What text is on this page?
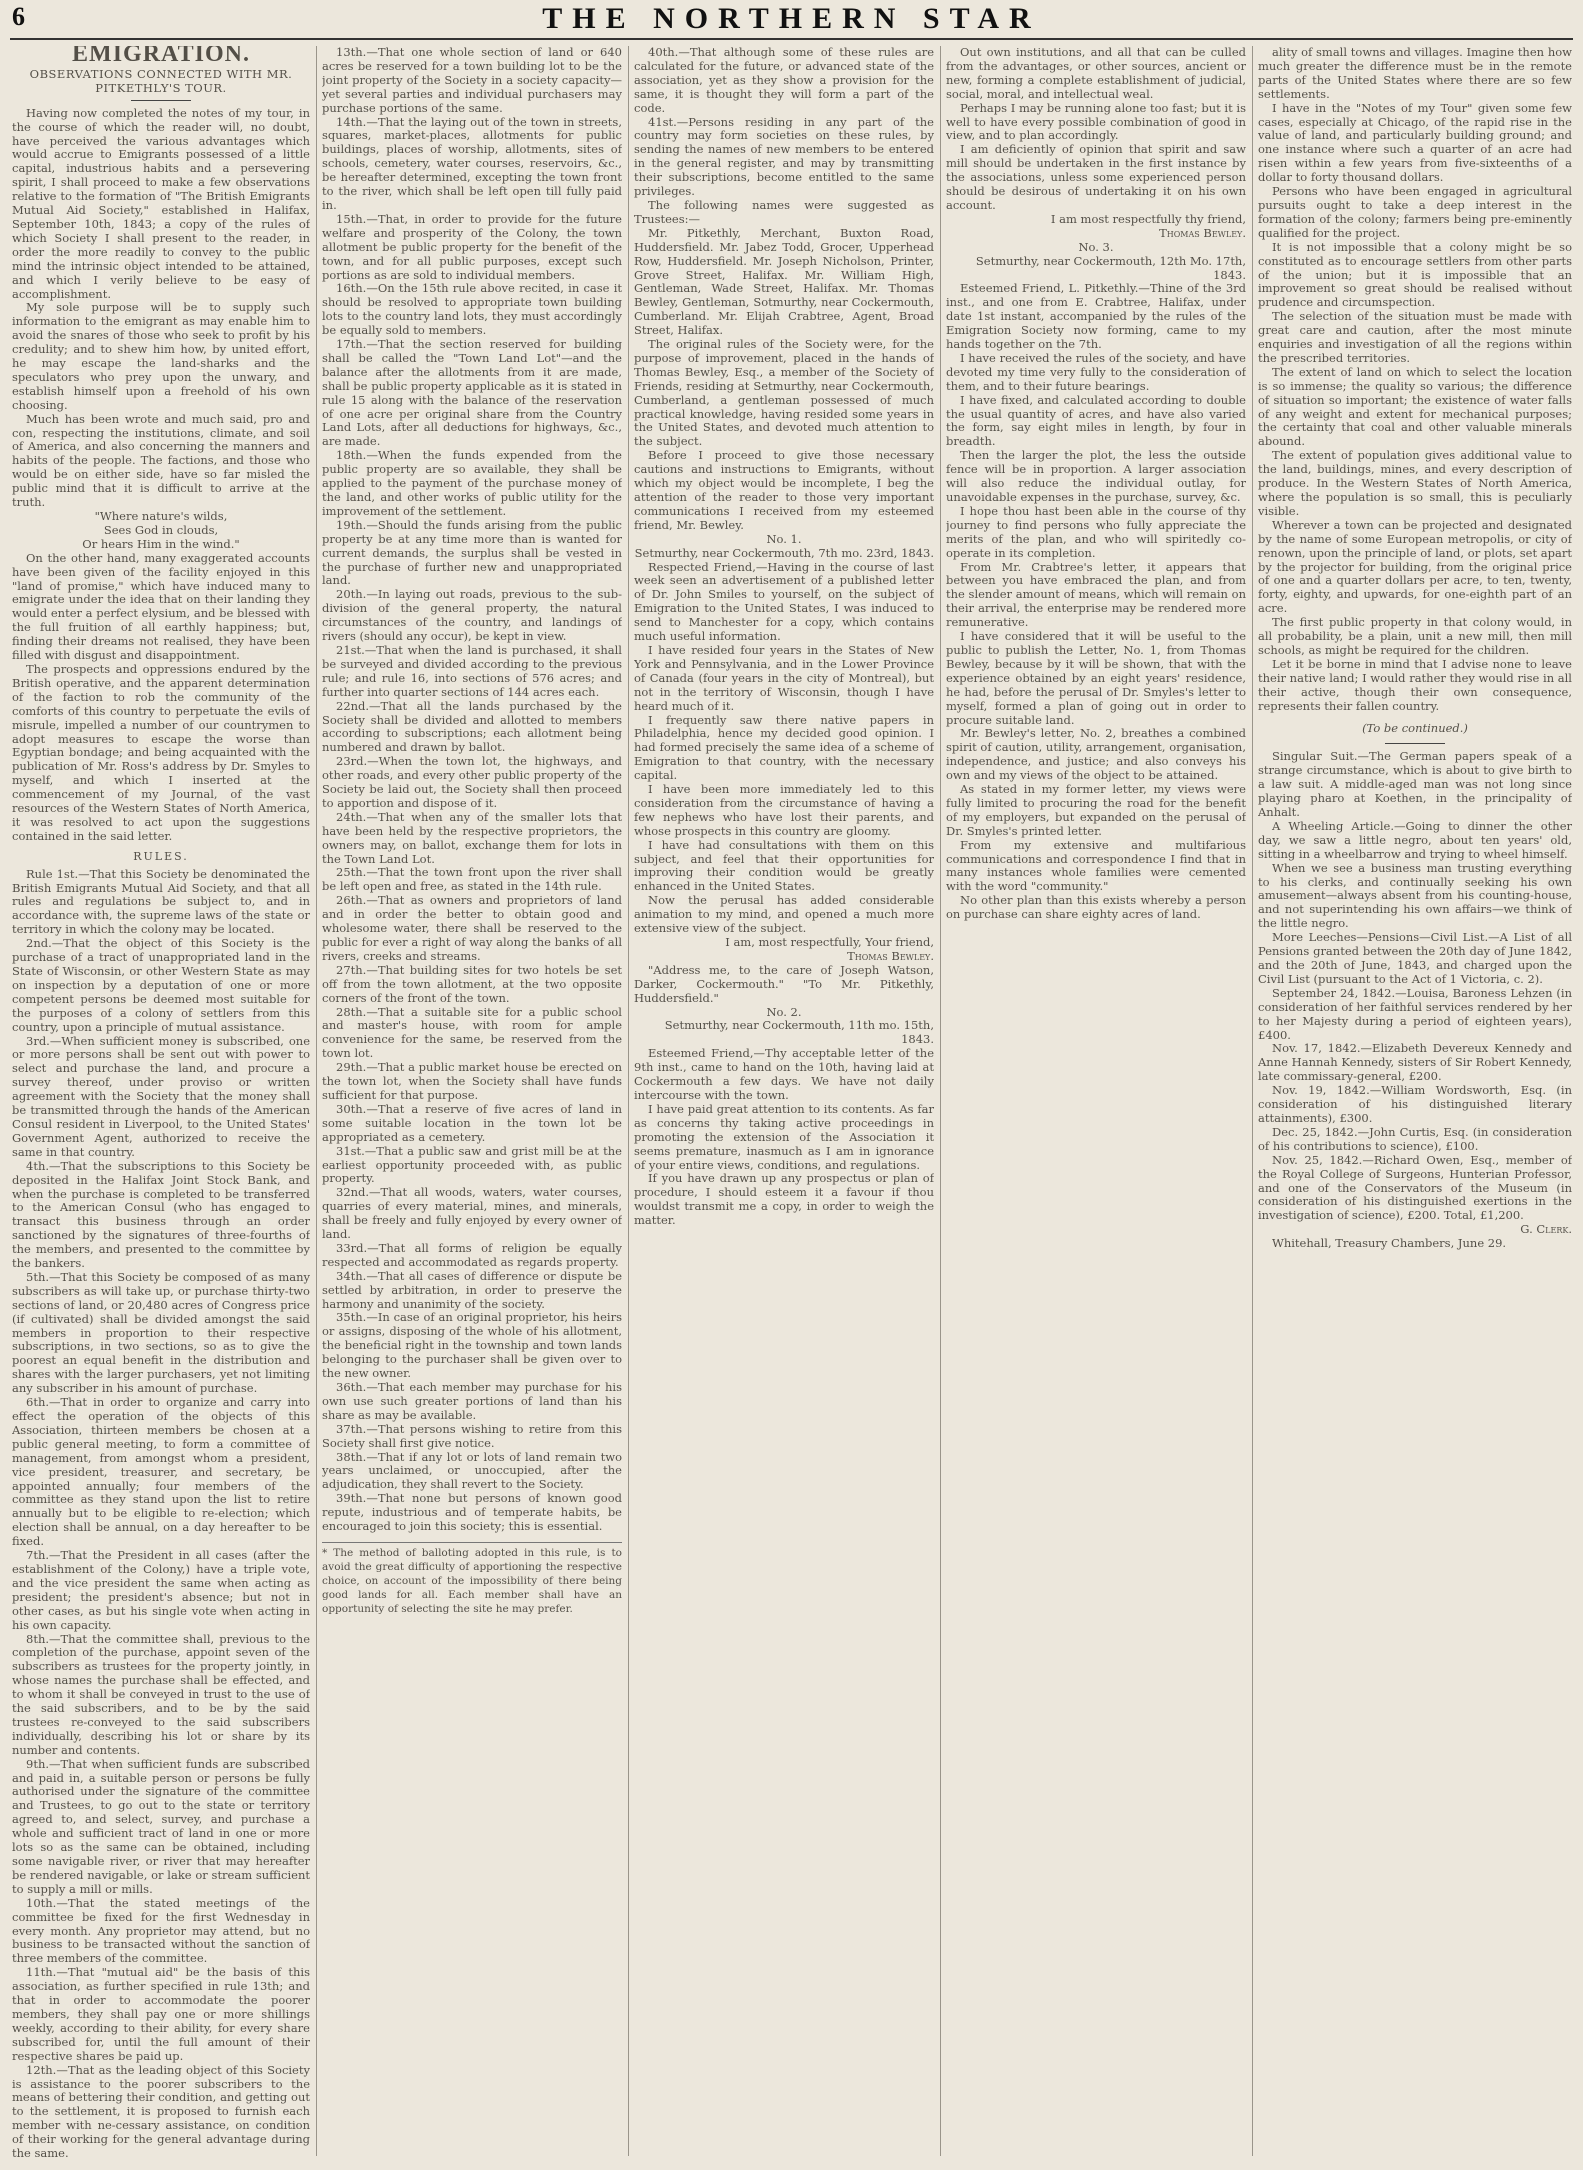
6	THE NORTHERN STAR
EMIGRATION.
OBSERVATIONS CONNECTED WITH MR. PITKETHLY'S TOUR.

Having now completed the notes of my tour, in the course of which the reader will, no doubt, have perceived the various advantages which would accrue to Emigrants possessed of a little capital, industrious habits and a persevering spirit, I shall proceed to make a few observations relative to the formation of "The British Emigrants Mutual Aid Society," established in Halifax, September 10th, 1843; a copy of the rules of which Society I shall present to the reader, in order the more readily to convey to the public mind the intrinsic object intended to be attained, and which I verily believe to be easy of accomplishment.

My sole purpose will be to supply such information to the emigrant as may enable him to avoid the snares of those who seek to profit by his credulity; and to shew him how, by united effort, he may escape the land-sharks and the speculators who prey upon the unwary, and establish himself upon a freehold of his own choosing.

Much has been wrote and much said, pro and con, respecting the institutions, climate, and soil of America, and also concerning the manners and habits of the people. The factions, and those who would be on either side, have so far misled the public mind that it is difficult to arrive at the truth.

"Where nature's wilds,

Sees God in clouds,

Or hears Him in the wind."

On the other hand, many exaggerated accounts have been given of the facility enjoyed in this "land of promise," which have induced many to emigrate under the idea that on their landing they would enter a perfect elysium, and be blessed with the full fruition of all earthly happiness; but, finding their dreams not realised, they have been filled with disgust and disappointment.

The prospects and oppressions endured by the British operative, and the apparent determination of the faction to rob the community of the comforts of this country to perpetuate the evils of misrule, impelled a number of our countrymen to adopt measures to escape the worse than Egyptian bondage; and being acquainted with the publication of Mr. Ross's address by Dr. Smyles to myself, and which I inserted at the commencement of my Journal, of the vast resources of the Western States of North America, it was resolved to act upon the suggestions contained in the said letter.

RULES.

Rule 1st.—That this Society be denominated the British Emigrants Mutual Aid Society, and that all rules and regulations be subject to, and in accordance with, the supreme laws of the state or territory in which the colony may be located.

2nd.—That the object of this Society is the purchase of a tract of unappropriated land in the State of Wisconsin, or other Western State as may on inspection by a deputation of one or more competent persons be deemed most suitable for the purposes of a colony of settlers from this country, upon a principle of mutual assistance.

3rd.—When sufficient money is subscribed, one or more persons shall be sent out with power to select and purchase the land, and procure a survey thereof, under proviso or written agreement with the Society that the money shall be transmitted through the hands of the American Consul resident in Liverpool, to the United States' Government Agent, authorized to receive the same in that country.

4th.—That the subscriptions to this Society be deposited in the Halifax Joint Stock Bank, and when the purchase is completed to be transferred to the American Consul (who has engaged to transact this business through an order sanctioned by the signatures of three-fourths of the members, and presented to the committee by the bankers.

5th.—That this Society be composed of as many subscribers as will take up, or purchase thirty-two sections of land, or 20,480 acres of Congress price (if cultivated) shall be divided amongst the said members in proportion to their respective subscriptions, in two sections, so as to give the poorest an equal benefit in the distribution and shares with the larger purchasers, yet not limiting any subscriber in his amount of purchase.

6th.—That in order to organize and carry into effect the operation of the objects of this Association, thirteen members be chosen at a public general meeting, to form a committee of management, from amongst whom a president, vice president, treasurer, and secretary, be appointed annually; four members of the committee as they stand upon the list to retire annually but to be eligible to re-election; which election shall be annual, on a day hereafter to be fixed.

7th.—That the President in all cases (after the establishment of the Colony,) have a triple vote, and the vice president the same when acting as president; the president's absence; but not in other cases, as but his single vote when acting in his own capacity.

8th.—That the committee shall, previous to the completion of the purchase, appoint seven of the subscribers as trustees for the property jointly, in whose names the purchase shall be effected, and to whom it shall be conveyed in trust to the use of the said subscribers, and to be by the said trustees re-conveyed to the said subscribers individually, describing his lot or share by its number and contents.

9th.—That when sufficient funds are subscribed and paid in, a suitable person or persons be fully authorised under the signature of the committee and Trustees, to go out to the state or territory agreed to, and select, survey, and purchase a whole and sufficient tract of land in one or more lots so as the same can be obtained, including some navigable river, or river that may hereafter be rendered navigable, or lake or stream sufficient to supply a mill or mills.

10th.—That the stated meetings of the committee be fixed for the first Wednesday in every month. Any proprietor may attend, but no business to be transacted without the sanction of three members of the committee.

11th.—That "mutual aid" be the basis of this association, as further specified in rule 13th; and that in order to accommodate the poorer members, they shall pay one or more shillings weekly, according to their ability, for every share subscribed for, until the full amount of their respective shares be paid up.

12th.—That as the leading object of this Society is assistance to the poorer subscribers to the means of bettering their condition, and getting out to the settlement, it is proposed to furnish each member with ne-cessary assistance, on condition of their working for the general advantage during the same.

13th.—That one whole section of land or 640 acres be reserved for a town building lot to be the joint property of the Society in a society capacity—yet several parties and individual purchasers may purchase portions of the same.

14th.—That the laying out of the town in streets, squares, market-places, allotments for public buildings, places of worship, allotments, sites of schools, cemetery, water courses, reservoirs, &c., be hereafter determined, excepting the town front to the river, which shall be left open till fully paid in.

15th.—That, in order to provide for the future welfare and prosperity of the Colony, the town allotment be public property for the benefit of the town, and for all public purposes, except such portions as are sold to individual members.

16th.—On the 15th rule above recited, in case it should be resolved to appropriate town building lots to the country land lots, they must accordingly be equally sold to members.

17th.—That the section reserved for building shall be called the "Town Land Lot"—and the balance after the allotments from it are made, shall be public property applicable as it is stated in rule 15 along with the balance of the reservation of one acre per original share from the Country Land Lots, after all deductions for highways, &c., are made.

18th.—When the funds expended from the public property are so available, they shall be applied to the payment of the purchase money of the land, and other works of public utility for the improvement of the settlement.

19th.—Should the funds arising from the public property be at any time more than is wanted for current demands, the surplus shall be vested in the purchase of further new and unappropriated land.

20th.—In laying out roads, previous to the sub-division of the general property, the natural circumstances of the country, and landings of rivers (should any occur), be kept in view.

21st.—That when the land is purchased, it shall be surveyed and divided according to the previous rule; and rule 16, into sections of 576 acres; and further into quarter sections of 144 acres each.

22nd.—That all the lands purchased by the Society shall be divided and allotted to members according to subscriptions; each allotment being numbered and drawn by ballot.

23rd.—When the town lot, the highways, and other roads, and every other public property of the Society be laid out, the Society shall then proceed to apportion and dispose of it.

24th.—That when any of the smaller lots that have been held by the respective proprietors, the owners may, on ballot, exchange them for lots in the Town Land Lot.

25th.—That the town front upon the river shall be left open and free, as stated in the 14th rule.

26th.—That as owners and proprietors of land and in order the better to obtain good and wholesome water, there shall be reserved to the public for ever a right of way along the banks of all rivers, creeks and streams.

27th.—That building sites for two hotels be set off from the town allotment, at the two opposite corners of the front of the town.

28th.—That a suitable site for a public school and master's house, with room for ample convenience for the same, be reserved from the town lot.

29th.—That a public market house be erected on the town lot, when the Society shall have funds sufficient for that purpose.

30th.—That a reserve of five acres of land in some suitable location in the town lot be appropriated as a cemetery.

31st.—That a public saw and grist mill be at the earliest opportunity proceeded with, as public property.

32nd.—That all woods, waters, water courses, quarries of every material, mines, and minerals, shall be freely and fully enjoyed by every owner of land.

33rd.—That all forms of religion be equally respected and accommodated as regards property.

34th.—That all cases of difference or dispute be settled by arbitration, in order to preserve the harmony and unanimity of the society.

35th.—In case of an original proprietor, his heirs or assigns, disposing of the whole of his allotment, the beneficial right in the township and town lands belonging to the purchaser shall be given over to the new owner.

36th.—That each member may purchase for his own use such greater portions of land than his share as may be available.

37th.—That persons wishing to retire from this Society shall first give notice.

38th.—That if any lot or lots of land remain two years unclaimed, or unoccupied, after the adjudication, they shall revert to the Society.

39th.—That none but persons of known good repute, industrious and of temperate habits, be encouraged to join this society; this is essential.

* The method of balloting adopted in this rule, is to avoid the great difficulty of apportioning the respective choice, on account of the impossibility of there being good lands for all. Each member shall have an opportunity of selecting the site he may prefer.

40th.—That although some of these rules are calculated for the future, or advanced state of the association, yet as they show a provision for the same, it is thought they will form a part of the code.

41st.—Persons residing in any part of the country may form societies on these rules, by sending the names of new members to be entered in the general register, and may by transmitting their subscriptions, become entitled to the same privileges.

The following names were suggested as Trustees:—

Mr. Pitkethly, Merchant, Buxton Road, Huddersfield. Mr. Jabez Todd, Grocer, Upperhead Row, Huddersfield. Mr. Joseph Nicholson, Printer, Grove Street, Halifax. Mr. William High, Gentleman, Wade Street, Halifax. Mr. Thomas Bewley, Gentleman, Sotmurthy, near Cockermouth, Cumberland. Mr. Elijah Crabtree, Agent, Broad Street, Halifax.

The original rules of the Society were, for the purpose of improvement, placed in the hands of Thomas Bewley, Esq., a member of the Society of Friends, residing at Setmurthy, near Cockermouth, Cumberland, a gentleman possessed of much practical knowledge, having resided some years in the United States, and devoted much attention to the subject.

Before I proceed to give those necessary cautions and instructions to Emigrants, without which my object would be incomplete, I beg the attention of the reader to those very important communications I received from my esteemed friend, Mr. Bewley.

No. 1.

Setmurthy, near Cockermouth, 7th mo. 23rd, 1843.

Respected Friend,—Having in the course of last week seen an advertisement of a published letter of Dr. John Smiles to yourself, on the subject of Emigration to the United States, I was induced to send to Manchester for a copy, which contains much useful information.

I have resided four years in the States of New York and Pennsylvania, and in the Lower Province of Canada (four years in the city of Montreal), but not in the territory of Wisconsin, though I have heard much of it.

I frequently saw there native papers in Philadelphia, hence my decided good opinion. I had formed precisely the same idea of a scheme of Emigration to that country, with the necessary capital.

I have been more immediately led to this consideration from the circumstance of having a few nephews who have lost their parents, and whose prospects in this country are gloomy.

I have had consultations with them on this subject, and feel that their opportunities for improving their condition would be greatly enhanced in the United States.

Now the perusal has added considerable animation to my mind, and opened a much more extensive view of the subject.

I am, most respectfully, Your friend,

Thomas Bewley.

"Address me, to the care of Joseph Watson, Darker, Cockermouth." "To Mr. Pitkethly, Huddersfield."

No. 2.

Setmurthy, near Cockermouth, 11th mo. 15th, 1843.

Esteemed Friend,—Thy acceptable letter of the 9th inst., came to hand on the 10th, having laid at Cockermouth a few days. We have not daily intercourse with the town.

I have paid great attention to its contents. As far as concerns thy taking active proceedings in promoting the extension of the Association it seems premature, inasmuch as I am in ignorance of your entire views, conditions, and regulations.

If you have drawn up any prospectus or plan of procedure, I should esteem it a favour if thou wouldst transmit me a copy, in order to weigh the matter.

Out own institutions, and all that can be culled from the advantages, or other sources, ancient or new, forming a complete establishment of judicial, social, moral, and intellectual weal.

Perhaps I may be running alone too fast; but it is well to have every possible combination of good in view, and to plan accordingly.

I am deficiently of opinion that spirit and saw mill should be undertaken in the first instance by the associations, unless some experienced person should be desirous of undertaking it on his own account.

I am most respectfully thy friend,

Thomas Bewley.

No. 3.

Setmurthy, near Cockermouth, 12th Mo. 17th, 1843.

Esteemed Friend, L. Pitkethly.—Thine of the 3rd inst., and one from E. Crabtree, Halifax, under date 1st instant, accompanied by the rules of the Emigration Society now forming, came to my hands together on the 7th.

I have received the rules of the society, and have devoted my time very fully to the consideration of them, and to their future bearings.

I have fixed, and calculated according to double the usual quantity of acres, and have also varied the form, say eight miles in length, by four in breadth.

Then the larger the plot, the less the outside fence will be in proportion. A larger association will also reduce the individual outlay, for unavoidable expenses in the purchase, survey, &c.

I hope thou hast been able in the course of thy journey to find persons who fully appreciate the merits of the plan, and who will spiritedly co-operate in its completion.

From Mr. Crabtree's letter, it appears that between you have embraced the plan, and from the slender amount of means, which will remain on their arrival, the enterprise may be rendered more remunerative.

I have considered that it will be useful to the public to publish the Letter, No. 1, from Thomas Bewley, because by it will be shown, that with the experience obtained by an eight years' residence, he had, before the perusal of Dr. Smyles's letter to myself, formed a plan of going out in order to procure suitable land.

Mr. Bewley's letter, No. 2, breathes a combined spirit of caution, utility, arrangement, organisation, independence, and justice; and also conveys his own and my views of the object to be attained.

As stated in my former letter, my views were fully limited to procuring the road for the benefit of my employers, but expanded on the perusal of Dr. Smyles's printed letter.

From my extensive and multifarious communications and correspondence I find that in many instances whole families were cemented with the word "community."

No other plan than this exists whereby a person on purchase can share eighty acres of land.

ality of small towns and villages. Imagine then how much greater the difference must be in the remote parts of the United States where there are so few settlements.

I have in the "Notes of my Tour" given some few cases, especially at Chicago, of the rapid rise in the value of land, and particularly building ground; and one instance where such a quarter of an acre had risen within a few years from five-sixteenths of a dollar to forty thousand dollars.

Persons who have been engaged in agricultural pursuits ought to take a deep interest in the formation of the colony; farmers being pre-eminently qualified for the project.

It is not impossible that a colony might be so constituted as to encourage settlers from other parts of the union; but it is impossible that an improvement so great should be realised without prudence and circumspection.

The selection of the situation must be made with great care and caution, after the most minute enquiries and investigation of all the regions within the prescribed territories.

The extent of land on which to select the location is so immense; the quality so various; the difference of situation so important; the existence of water falls of any weight and extent for mechanical purposes; the certainty that coal and other valuable minerals abound.

The extent of population gives additional value to the land, buildings, mines, and every description of produce. In the Western States of North America, where the population is so small, this is peculiarly visible.

Wherever a town can be projected and designated by the name of some European metropolis, or city of renown, upon the principle of land, or plots, set apart by the projector for building, from the original price of one and a quarter dollars per acre, to ten, twenty, forty, eighty, and upwards, for one-eighth part of an acre.

The first public property in that colony would, in all probability, be a plain, unit a new mill, then mill schools, as might be required for the children.

Let it be borne in mind that I advise none to leave their native land; I would rather they would rise in all their active, though their own consequence, represents their fallen country.

(To be continued.)

Singular Suit.—The German papers speak of a strange circumstance, which is about to give birth to a law suit. A middle-aged man was not long since playing pharo at Koethen, in the principality of Anhalt.

A Wheeling Article.—Going to dinner the other day, we saw a little negro, about ten years' old, sitting in a wheelbarrow and trying to wheel himself.

When we see a business man trusting everything to his clerks, and continually seeking his own amusement—always absent from his counting-house, and not superintending his own affairs—we think of the little negro.

More Leeches—Pensions—Civil List.—A List of all Pensions granted between the 20th day of June 1842, and the 20th of June, 1843, and charged upon the Civil List (pursuant to the Act of 1 Victoria, c. 2).

September 24, 1842.—Louisa, Baroness Lehzen (in consideration of her faithful services rendered by her to her Majesty during a period of eighteen years), £400.

Nov. 17, 1842.—Elizabeth Devereux Kennedy and Anne Hannah Kennedy, sisters of Sir Robert Kennedy, late commissary-general, £200.

Nov. 19, 1842.—William Wordsworth, Esq. (in consideration of his distinguished literary attainments), £300.

Dec. 25, 1842.—John Curtis, Esq. (in consideration of his contributions to science), £100.

Nov. 25, 1842.—Richard Owen, Esq., member of the Royal College of Surgeons, Hunterian Professor, and one of the Conservators of the Museum (in consideration of his distinguished exertions in the investigation of science), £200. Total, £1,200.

G. Clerk.

Whitehall, Treasury Chambers, June 29.
